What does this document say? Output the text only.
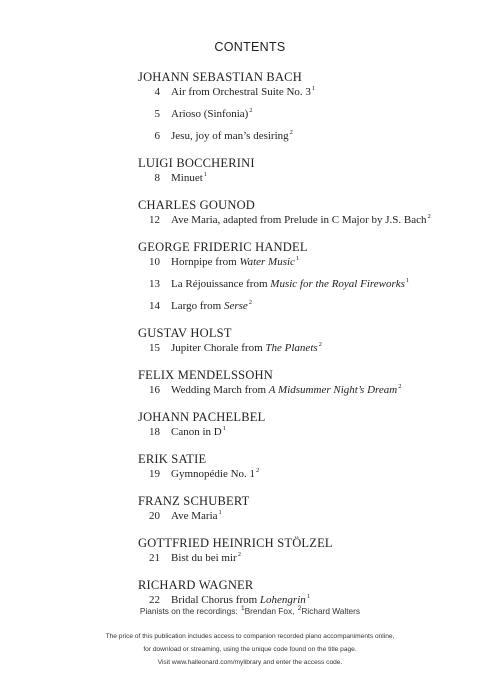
CONTENTS
JOHANN SEBASTIAN BACH
4	Air from Orchestral Suite No. $3^1$
5	Arioso (Sinfonia)$^2$
6	Jesu, joy of man’s desiring$^2$
LUIGI BOCCHERINI
8	Minuet$^1$
CHARLES GOUNOD
12	Ave Maria, adapted from Prelude in C Major by J.S. Bach$^2$
GEORGE FRIDERIC HANDEL
10	Hornpipe from Water Music$^1$
13	La Réjouissance from Music for the Royal Fireworks$^1$
14	Largo from Serse$^2$
GUSTAV HOLST
15	Jupiter Chorale from The Planets$^2$
FELIX MENDELSSOHN
16	Wedding March from A Midsummer Night’s Dream$^2$
JOHANN PACHELBEL
18	Canon in $D^1$
ERIK SATIE
19	Gymnopédie No. $1^2$
FRANZ SCHUBERT
20	Ave Maria$^1$
GOTTFRIED HEINRICH STÖLZEL
21	Bist du bei mir$^2$
RICHARD WAGNER
22	Bridal Chorus from Lohengrin$^1$
Pianists on the recordings: $^1$Brendan Fox, $^2$Richard Walters
The price of this publication includes access to companion recorded piano accompaniments online,
for download or streaming, using the unique code found on the title page.
Visit www.halleonard.com/mylibrary and enter the access code.
